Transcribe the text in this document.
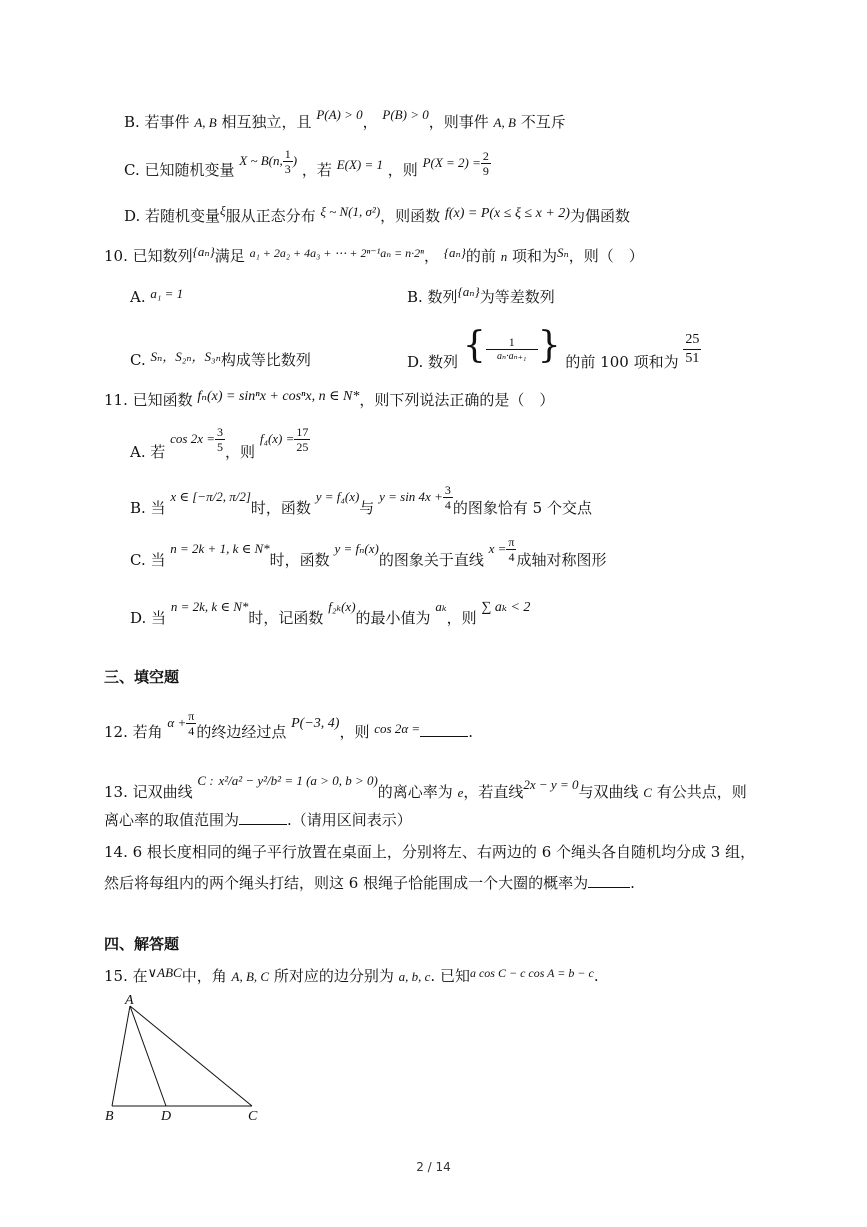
B. 若事件 A, B 相互独立，且 P(A) > 0， P(B) > 0，则事件 A, B 不互斥
C. 已知随机变量 X ~ B(n, $\frac{1}{3}$ ) ，若 E(X) = 1 ，则 $P(X = 2) = \frac{2}{9}$
D. 若随机变量ξ服从正态分布 ξ ~ N(1, σ²)，则函数 f(x) = P(x ≤ ξ ≤ x + 2)为偶函数
10. 已知数列{aₙ}满足 $^{a_1 + 2a_2 + 4a_3 + \cdots + 2^{n-1}a_n = n\cdot 2^n}$， {aₙ}的前 n 项和为Sₙ，则（　）
A. a₁ = 1	B. 数列{aₙ}为等差数列
C. Sₙ，S₂ₙ，S₃ₙ构成等比数列	D. 数列 { $\frac{1}{\text{aₙ·aₙ₊₁}}$ } 的前 100 项和为 $\frac{25}{51}$
11. 已知函数 fₙ(x) = sinⁿx + cosⁿx, n ∈ N*，则下列说法正确的是（　）
A. 若 $\cos 2x = \frac{3}{5}$ ，则 $f_4(x) = \frac{17}{25}$
B. 当 x ∈ [−π/2, π/2]时，函数 y = f₄(x)与 $y = \sin 4x + \frac{3}{4}$ 的图象恰有 5 个交点
C. 当 n = 2k + 1, k ∈ N*时，函数 y = fₙ(x)的图象关于直线 $x = \frac{\pi}{4}$ 成轴对称图形
D. 当 n = 2k, k ∈ N*时，记函数 f₂ₖ(x)的最小值为 aₖ，则 ∑ aₖ < 2
三、填空题
12. 若角 $\alpha + \frac{\pi}{4}$ 的终边经过点 P(−3, 4)，则 cos 2α =	.
13. 记双曲线 C : x²/a² − y²/b² = 1 (a > 0, b > 0)的离心率为 e，若直线2x − y = 0与双曲线 C 有公共点，则
离心率的取值范围为	.（请用区间表示）
14. 6 根长度相同的绳子平行放置在桌面上，分别将左、右两边的 6 个绳头各自随机均分成 3 组，
然后将每组内的两个绳头打结，则这 6 根绳子恰能围成一个大圈的概率为	.
四、解答题
15. 在∨ABC中，角 A, B, C 所对应的边分别为 a, b, c. 已知$^{a cos C - c cos A = b - c}$.
A
B	D	C
2 / 14
